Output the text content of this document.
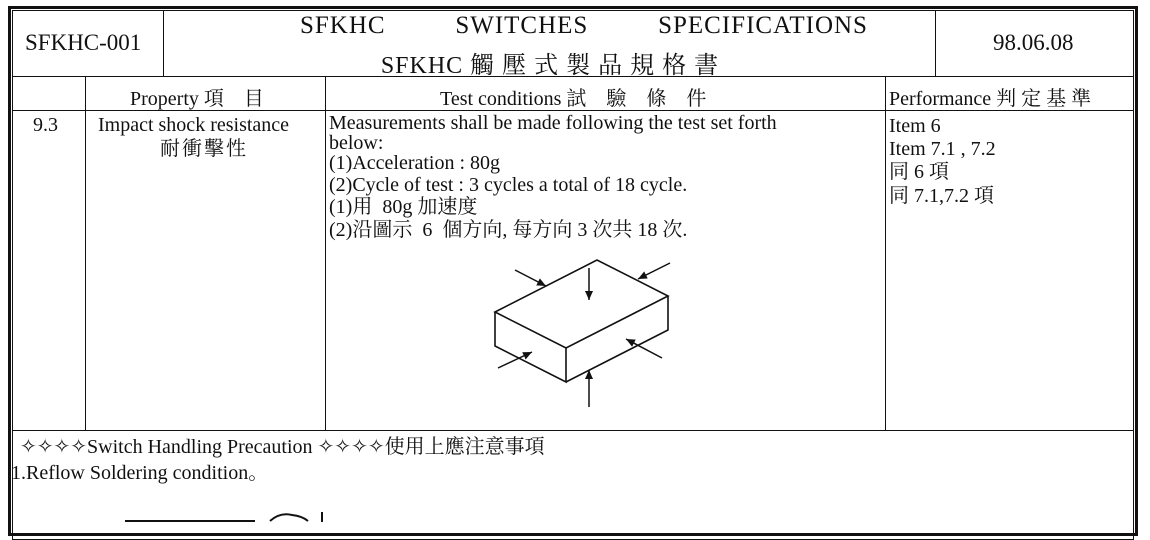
SFKHC-001
SFKHC   SWITCHES   SPECIFICATIONS
SFKHC 觸 壓 式 製 品 規 格 書
98.06.08
Property 項　目	Test conditions 試　驗　條　件	Performance 判 定 基 準
9.3 Impact shock resistance
耐衝擊性
Measurements shall be made following the test set forth
below:
(1)Acceleration : 80g
(2)Cycle of test : 3 cycles a total of 18 cycle.
(1)用  80g 加速度
(2)沿圖示  6  個方向, 每方向 3 次共 18 次.
Item 6
Item 7.1 , 7.2
同 6 項
同 7.1,7.2 項
✧✧✧✧Switch Handling Precaution ✧✧✧✧使用上應注意事項
1.Reflow Soldering condition。
